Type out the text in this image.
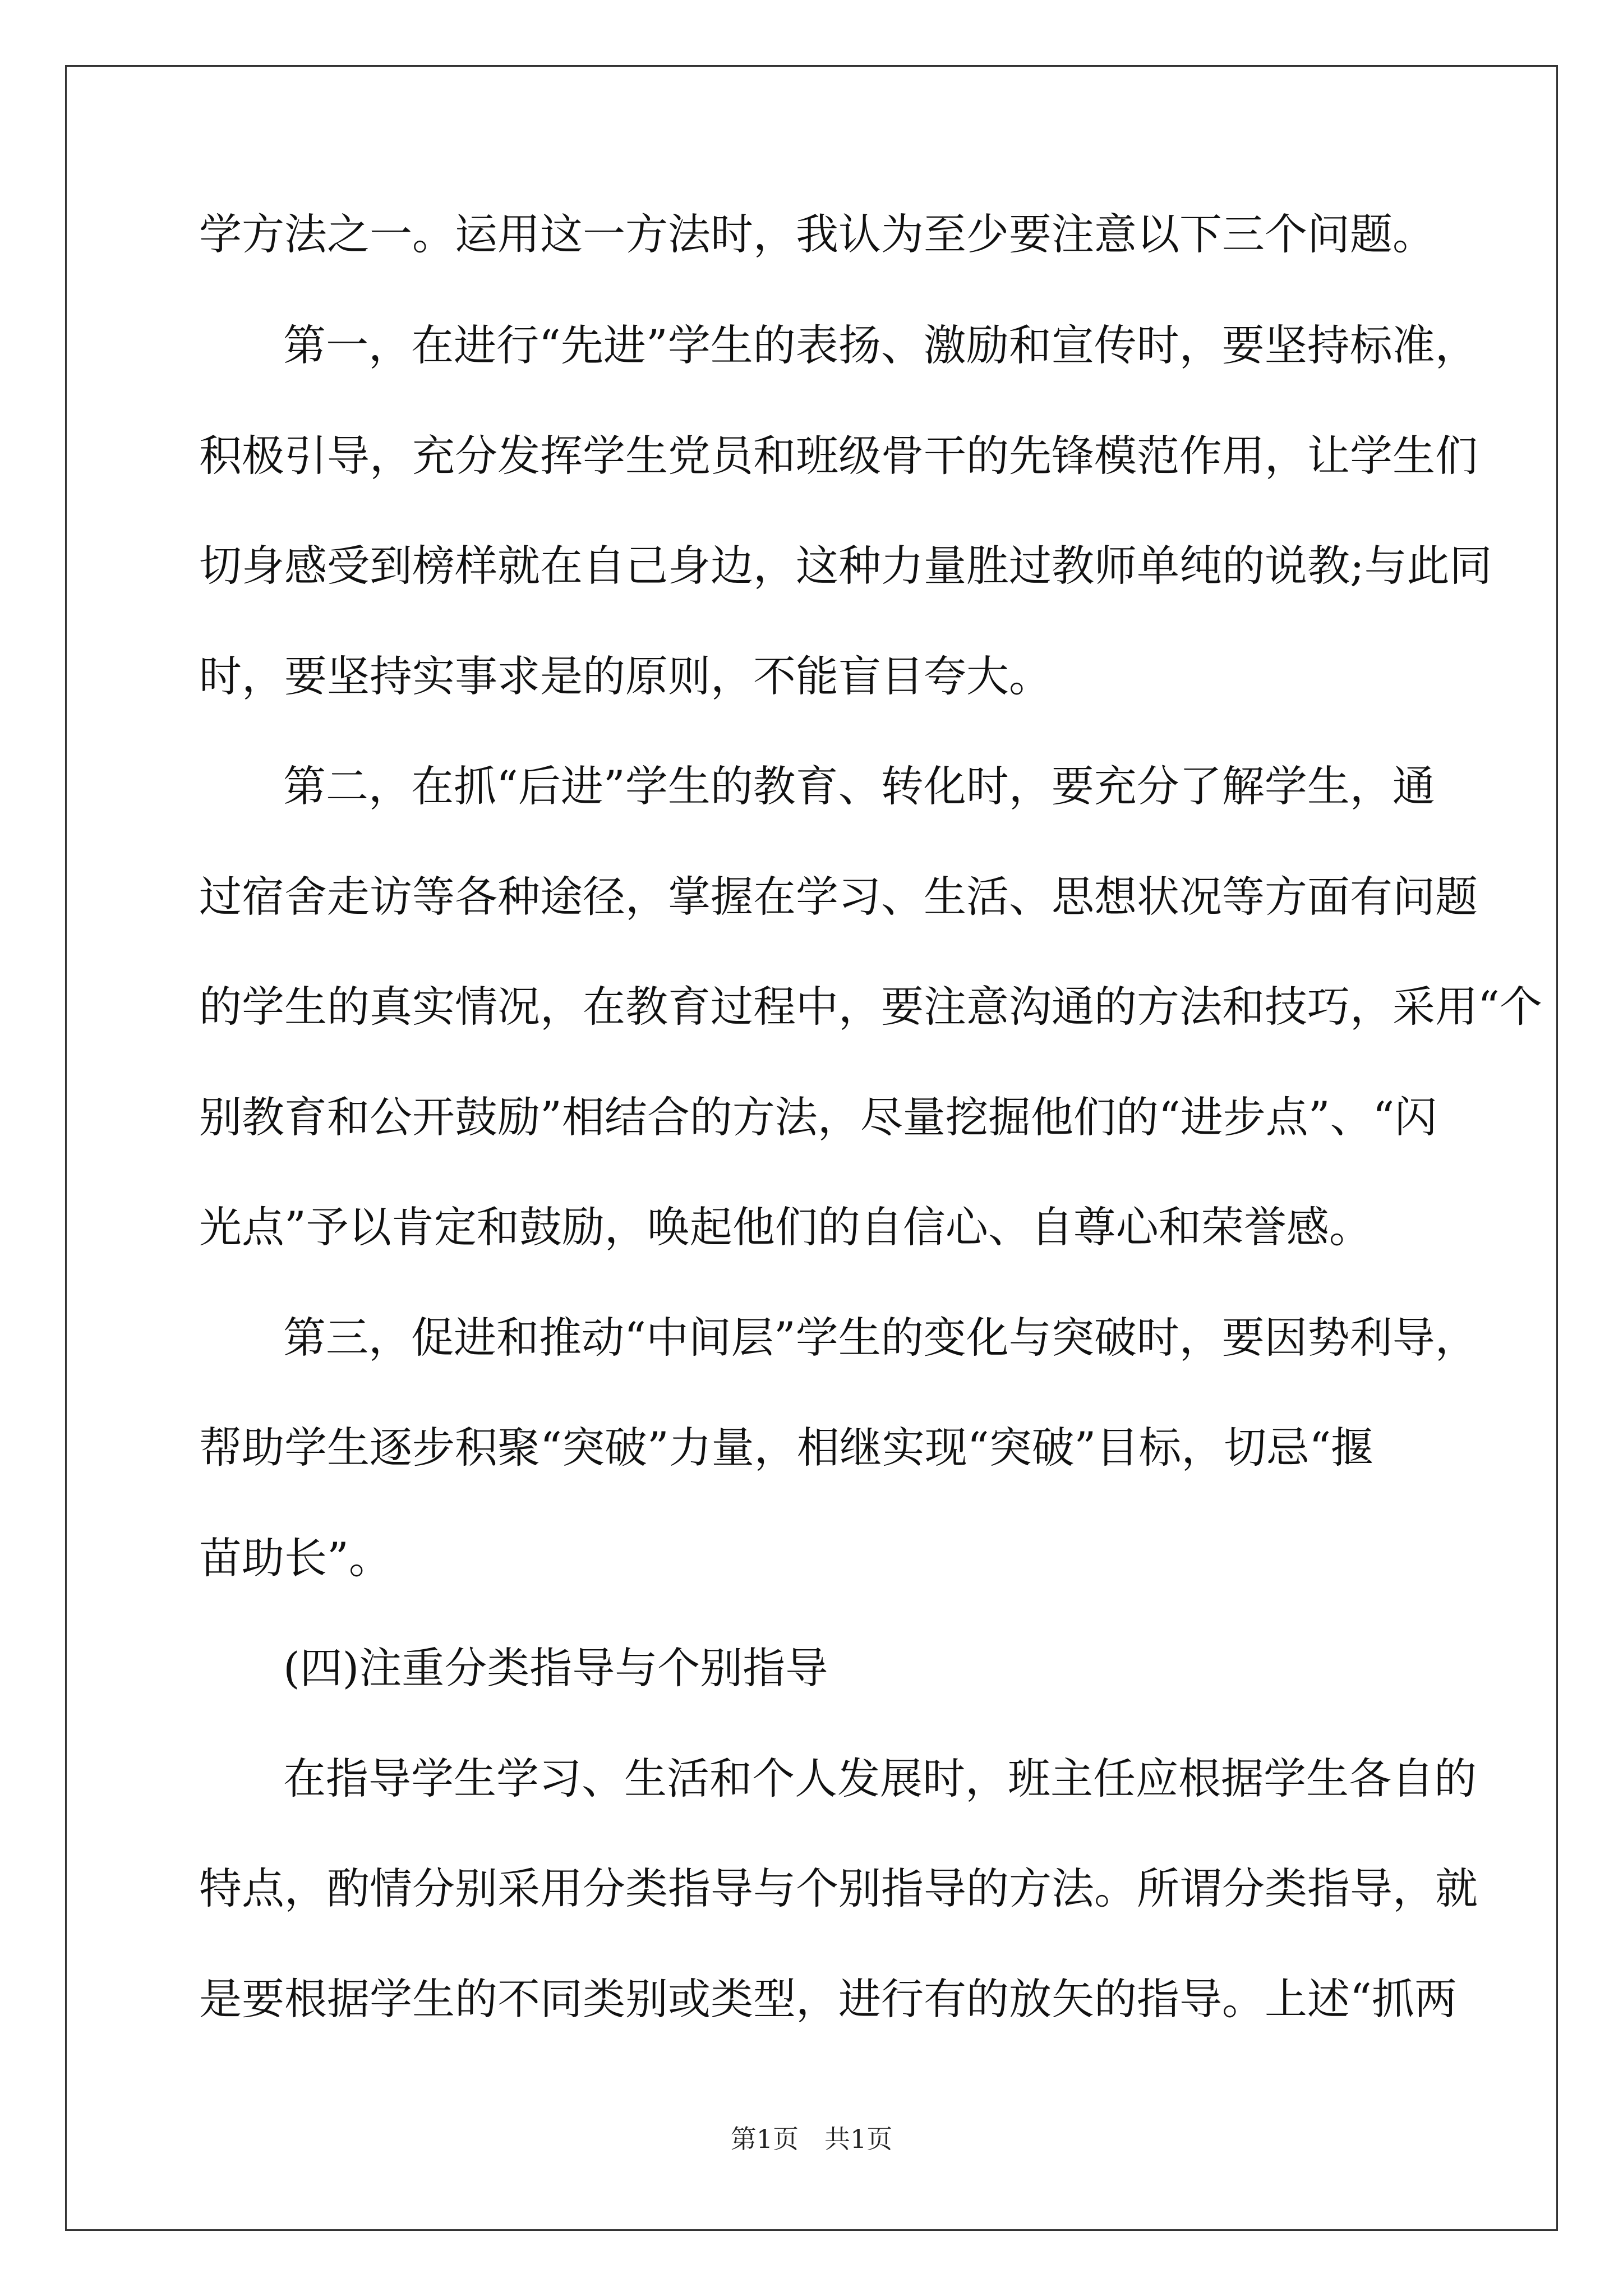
学方法之一。运用这一方法时，我认为至少要注意以下三个问题。
第一，在进行“先进”学生的表扬、激励和宣传时，要坚持标准，
积极引导，充分发挥学生党员和班级骨干的先锋模范作用，让学生们
切身感受到榜样就在自己身边，这种力量胜过教师单纯的说教;与此同
时，要坚持实事求是的原则，不能盲目夸大。
第二，在抓“后进”学生的教育、转化时，要充分了解学生，通
过宿舍走访等各种途径，掌握在学习、生活、思想状况等方面有问题
的学生的真实情况，在教育过程中，要注意沟通的方法和技巧，采用“个
别教育和公开鼓励”相结合的方法，尽量挖掘他们的“进步点”、“闪
光点”予以肯定和鼓励，唤起他们的自信心、自尊心和荣誉感。
第三，促进和推动“中间层”学生的变化与突破时，要因势利导，
帮助学生逐步积聚“突破”力量，相继实现“突破”目标，切忌“揠
苗助长”。
(四)注重分类指导与个别指导
在指导学生学习、生活和个人发展时，班主任应根据学生各自的
特点，酌情分别采用分类指导与个别指导的方法。所谓分类指导，就
是要根据学生的不同类别或类型，进行有的放矢的指导。上述“抓两
第1页　共1页
